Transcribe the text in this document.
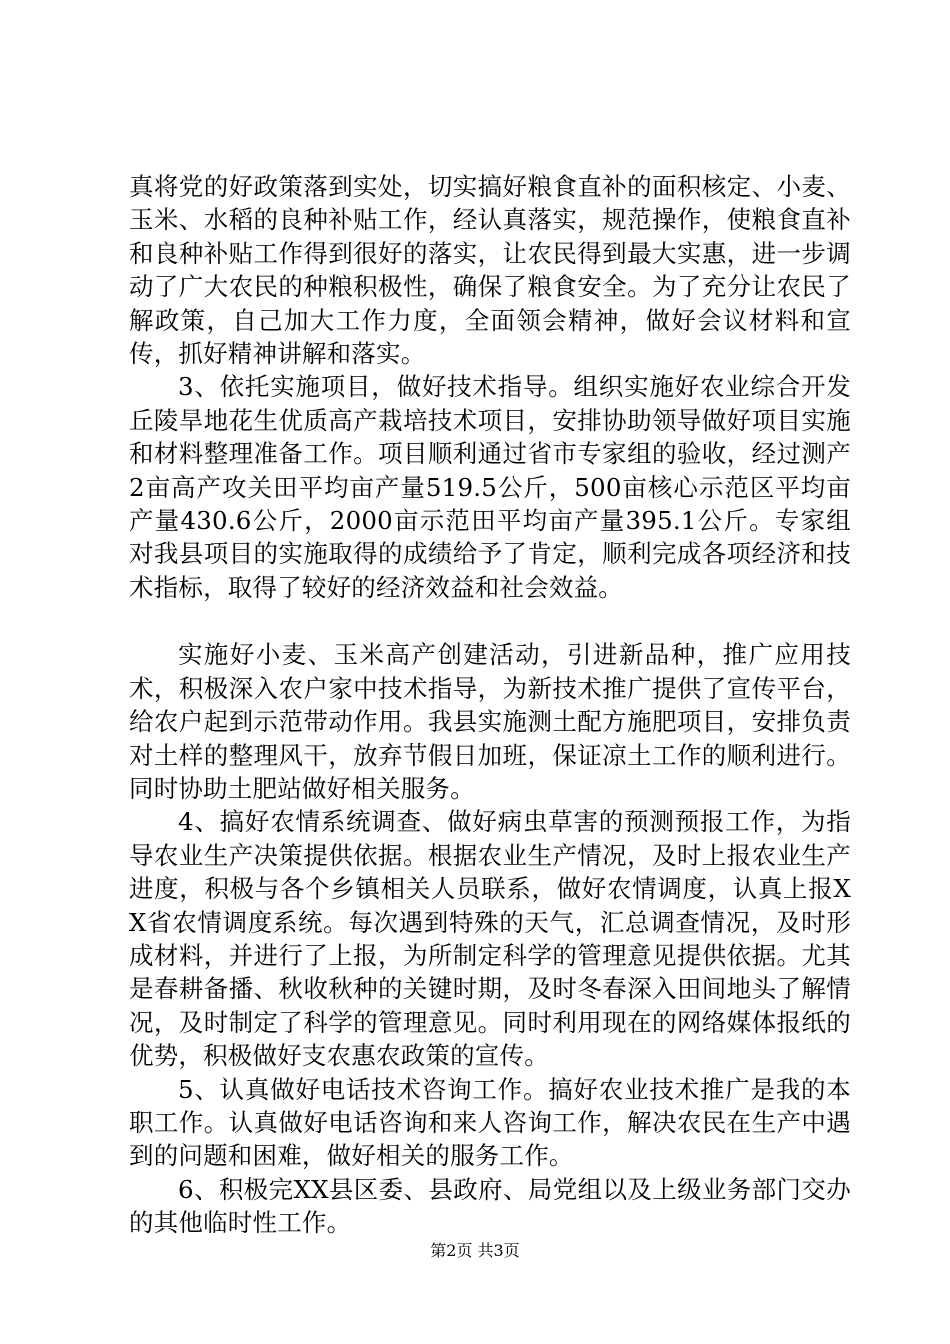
真将党的好政策落到实处，切实搞好粮食直补的面积核定、小麦、玉米、水稻的良种补贴工作，经认真落实，规范操作，使粮食直补和良种补贴工作得到很好的落实，让农民得到最大实惠，进一步调动了广大农民的种粮积极性，确保了粮食安全。为了充分让农民了解政策，自己加大工作力度，全面领会精神，做好会议材料和宣传，抓好精神讲解和落实。

3、依托实施项目，做好技术指导。组织实施好农业综合开发丘陵旱地花生优质高产栽培技术项目，安排协助领导做好项目实施和材料整理准备工作。项目顺利通过省市专家组的验收，经过测产2亩高产攻关田平均亩产量519.5公斤，500亩核心示范区平均亩产量430.6公斤，2000亩示范田平均亩产量395.1公斤。专家组对我县项目的实施取得的成绩给予了肯定，顺利完成各项经济和技术指标，取得了较好的经济效益和社会效益。

实施好小麦、玉米高产创建活动，引进新品种，推广应用技术，积极深入农户家中技术指导，为新技术推广提供了宣传平台，给农户起到示范带动作用。我县实施测土配方施肥项目，安排负责对土样的整理风干，放弃节假日加班，保证凉土工作的顺利进行。同时协助土肥站做好相关服务。

4、搞好农情系统调查、做好病虫草害的预测预报工作，为指导农业生产决策提供依据。根据农业生产情况，及时上报农业生产进度，积极与各个乡镇相关人员联系，做好农情调度，认真上报XX省农情调度系统。每次遇到特殊的天气，汇总调查情况，及时形成材料，并进行了上报，为所制定科学的管理意见提供依据。尤其是春耕备播、秋收秋种的关键时期，及时冬春深入田间地头了解情况，及时制定了科学的管理意见。同时利用现在的网络媒体报纸的优势，积极做好支农惠农政策的宣传。

5、认真做好电话技术咨询工作。搞好农业技术推广是我的本职工作。认真做好电话咨询和来人咨询工作，解决农民在生产中遇到的问题和困难，做好相关的服务工作。

6、积极完XX县区委、县政府、局党组以及上级业务部门交办的其他临时性工作。

第2页 共3页
